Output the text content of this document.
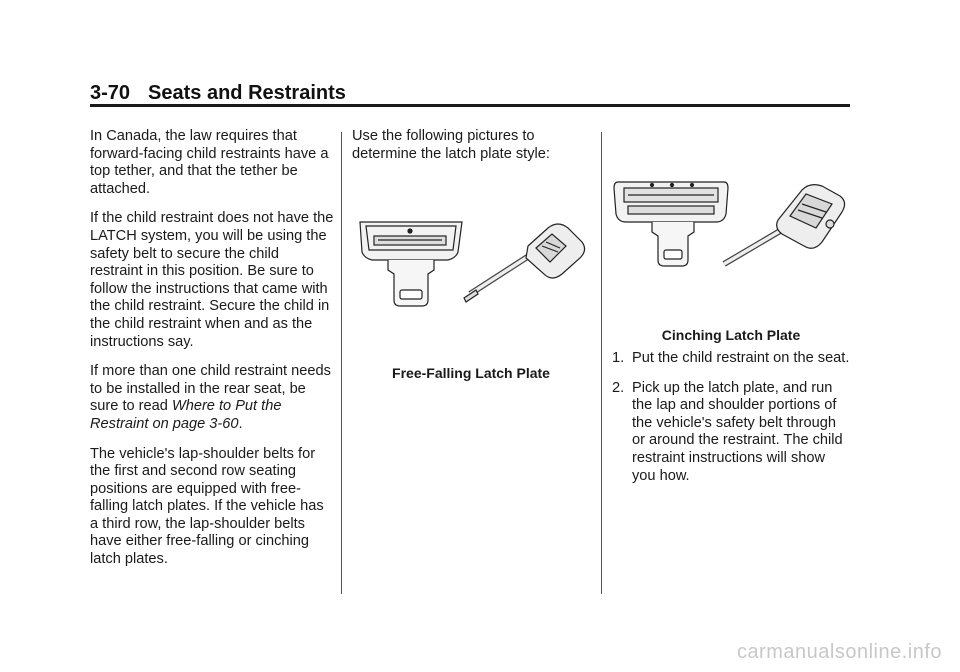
3-70 Seats and Restraints

In Canada, the law requires that forward-facing child restraints have a top tether, and that the tether be attached.

If the child restraint does not have the LATCH system, you will be using the safety belt to secure the child restraint in this position. Be sure to follow the instructions that came with the child restraint. Secure the child in the child restraint when and as the instructions say.

If more than one child restraint needs to be installed in the rear seat, be sure to read Where to Put the Restraint on page 3-60.

The vehicle's lap-shoulder belts for the first and second row seating positions are equipped with free-falling latch plates. If the vehicle has a third row, the lap-shoulder belts have either free-falling or cinching latch plates.

Use the following pictures to determine the latch plate style:

Free-Falling Latch Plate
Cinching Latch Plate
1. Put the child restraint on the seat.
2. Pick up the latch plate, and run the lap and shoulder portions of the vehicle's safety belt through or around the restraint. The child restraint instructions will show you how.
carmanualsonline.info
